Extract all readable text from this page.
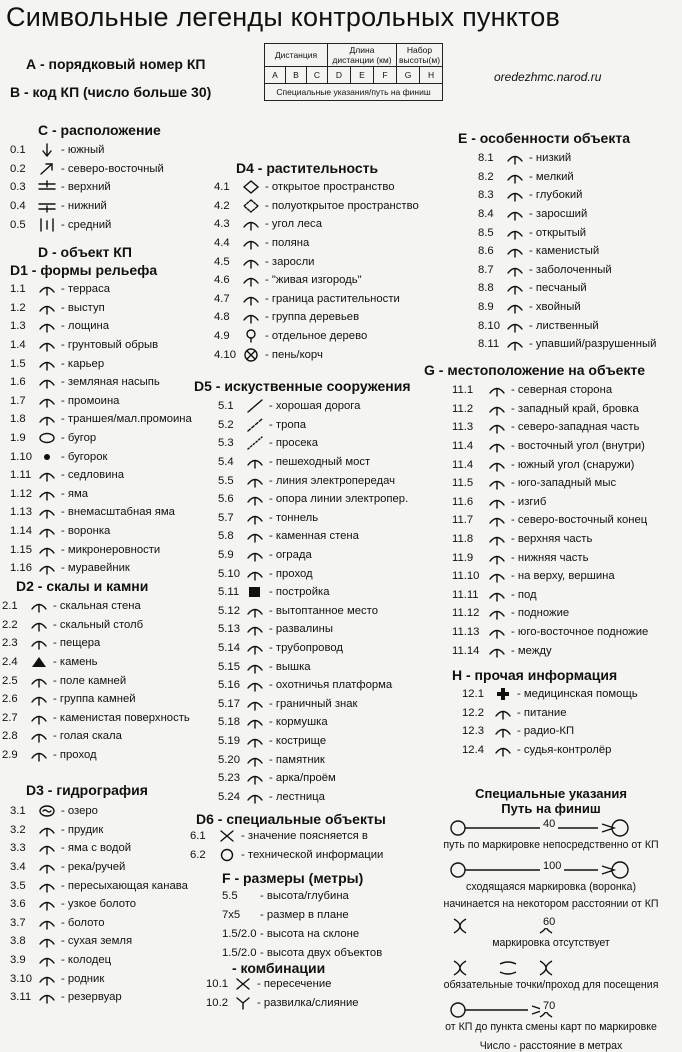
Символьные легенды контрольных пунктов
А - порядковый номер КП
В - код КП (число больше 30)
Дистанция			Длина дистанции (км)			Набор высоты(м)	
A	B	C	D	E	F	G	H
Специальные указания/путь на финиш							
oredezhmc.narod.ru
С - расположение
0.1	- южный
0.2	- северо-восточный
0.3	- верхний
0.4	- нижний
0.5	- средний
D - объект КП
D1 - формы рельефа
1.1	- терраса
1.2	- выступ
1.3	- лощина
1.4	- грунтовый обрыв
1.5	- карьер
1.6	- земляная насыпь
1.7	- промоина
1.8	- траншея/мал.промоина
1.9	- бугор
1.10	- бугорок
1.11	- седловина
1.12	- яма
1.13	- внемасштабная яма
1.14	- воронка
1.15	- микронеровности
1.16	- муравейник
D2 - скалы и камни
2.1	- скальная стена
2.2	- скальный столб
2.3	- пещера
2.4	- камень
2.5	- поле камней
2.6	- группа камней
2.7	- каменистая поверхность
2.8	- голая скала
2.9	- проход
D3 - гидрография
3.1	- озеро
3.2	- прудик
3.3	- яма с водой
3.4	- река/ручей
3.5	- пересыхающая канава
3.6	- узкое болото
3.7	- болото
3.8	- сухая земля
3.9	- колодец
3.10	- родник
3.11	- резервуар
D4 - растительность
4.1	- открытое пространство
4.2	- полуоткрытое пространство
4.3	- угол леса
4.4	- поляна
4.5	- заросли
4.6	- "живая изгородь"
4.7	- граница растительности
4.8	- группа деревьев
4.9	- отдельное дерево
4.10	- пень/корч
D5 - искуственные сооружения
5.1	- хорошая дорога
5.2	- тропа
5.3	- просека
5.4	- пешеходный мост
5.5	- линия электропередач
5.6	- опора линии электропер.
5.7	- тоннель
5.8	- каменная стена
5.9	- ограда
5.10	- проход
5.11	- постройка
5.12	- вытоптанное место
5.13	- развалины
5.14	- трубопровод
5.15	- вышка
5.16	- охотничья платформа
5.17	- граничный знак
5.18	- кормушка
5.19	- кострище
5.20	- памятник
5.23	- арка/проём
5.24	- лестница
D6 - специальные объекты
6.1	- значение поясняется в
6.2	- технической информации
F - размеры (метры)
5.5	- высота/глубина
7x5	- размер в плане
1.5/2.0 - высота на склоне
1.5/2.0 - высота двух объектов
- комбинации
10.1	- пересечение
10.2	- развилка/слияние
E - особенности объекта
8.1	- низкий
8.2	- мелкий
8.3	- глубокий
8.4	- заросший
8.5	- открытый
8.6	- каменистый
8.7	- заболоченный
8.8	- песчаный
8.9	- хвойный
8.10	- лиственный
8.11	- упавший/разрушенный
G - местоположение на объекте
11.1	- северная сторона
11.2	- западный край, бровка
11.3	- северо-западная часть
11.4	- восточный угол (внутри)
11.4	- южный угол (снаружи)
11.5	- юго-западный мыс
11.6	- изгиб
11.7	- северо-восточный конец
11.8	- верхняя часть
11.9	- нижняя часть
11.10	- на верху, вершина
11.11	- под
11.12	- подножие
11.13	- юго-восточное подножие
11.14	- между
H - прочая информация
12.1	- медицинская помощь
12.2	- питание
12.3	- радио-КП
12.4	- судья-контролёр
Специальные указания
Путь на финиш
40
путь по маркировке непосредственно от КП
100
сходящаяся маркировка (воронка)
начинается на некотором расстоянии от КП
60
маркировка отсутствует
обязательные точки/проход для посещения
70
от КП до пункта смены карт по маркировке
Число - расстояние в метрах
